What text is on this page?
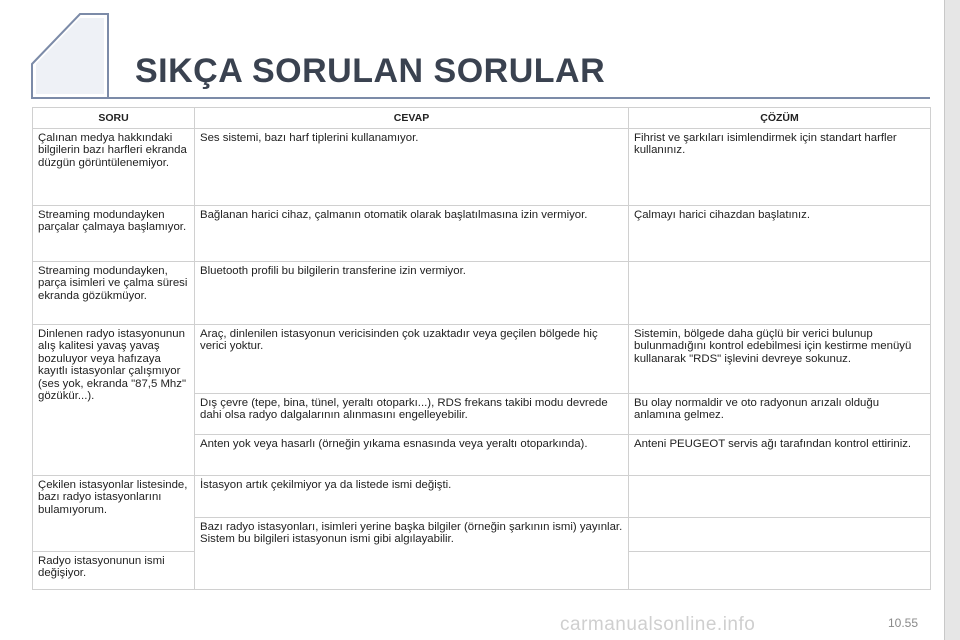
SIKÇA SORULAN SORULAR
SORU	CEVAP	ÇÖZÜM
Çalınan medya hakkındaki bilgilerin bazı harfleri ekranda düzgün görüntülenemiyor.	Ses sistemi, bazı harf tiplerini kullanamıyor.	Fihrist ve şarkıları isimlendirmek için standart harfler kullanınız.
Streaming modundayken parçalar çalmaya başlamıyor.	Bağlanan harici cihaz, çalmanın otomatik olarak başlatılmasına izin vermiyor.	Çalmayı harici cihazdan başlatınız.
Streaming modundayken, parça isimleri ve çalma süresi ekranda gözükmüyor.	Bluetooth profili bu bilgilerin transferine izin vermiyor.	
Dinlenen radyo istasyonunun alış kalitesi yavaş yavaş bozuluyor veya hafızaya kayıtlı istasyonlar çalışmıyor (ses yok, ekranda "87,5 Mhz" gözükür...).	Araç, dinlenilen istasyonun vericisinden çok uzaktadır veya geçilen bölgede hiç verici yoktur.	Sistemin, bölgede daha güçlü bir verici bulunup bulunmadığını kontrol edebilmesi için kestirme menüyü kullanarak "RDS" işlevini devreye sokunuz.
	Dış çevre (tepe, bina, tünel, yeraltı otoparkı...), RDS frekans takibi modu devrede dahi olsa radyo dalgalarının alınmasını engelleyebilir.	Bu olay normaldir ve oto radyonun arızalı olduğu anlamına gelmez.
	Anten yok veya hasarlı (örneğin yıkama esnasında veya yeraltı otoparkında).	Anteni PEUGEOT servis ağı tarafından kontrol ettiriniz.
Çekilen istasyonlar listesinde, bazı radyo istasyonlarını bulamıyorum.	İstasyon artık çekilmiyor ya da listede ismi değişti.	

	Bazı radyo istasyonları, isimleri yerine başka bilgiler (örneğin şarkının ismi) yayınlar.
Sistem bu bilgileri istasyonun ismi gibi algılayabilir.	

Radyo istasyonunun ismi değişiyor.		
carmanualsonline.info	10.55
